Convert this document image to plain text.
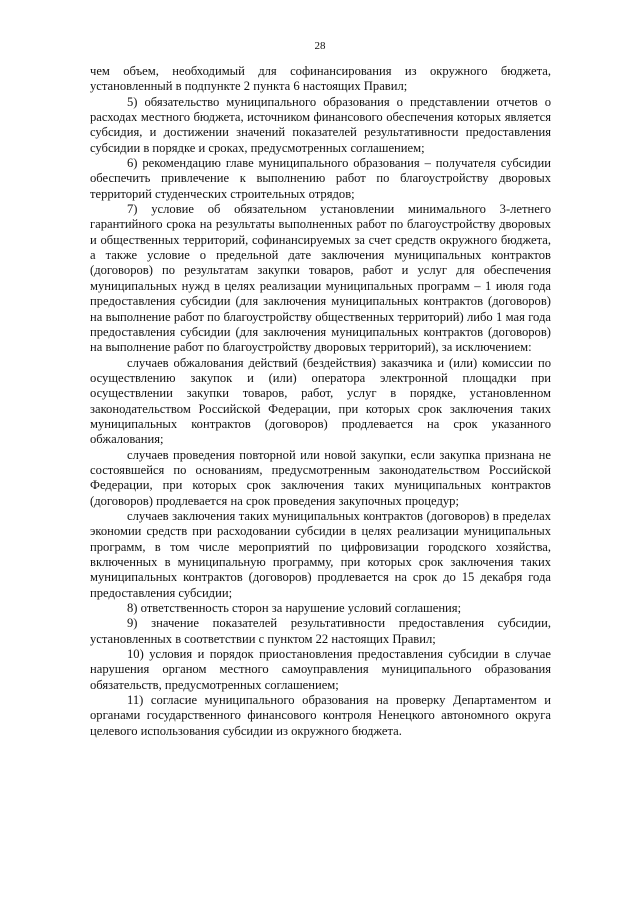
28

чем объем, необходимый для софинансирования из окружного бюджета, установленный в подпункте 2 пункта 6 настоящих Правил;

5) обязательство муниципального образования о представлении отчетов о расходах местного бюджета, источником финансового обеспечения которых является субсидия, и достижении значений показателей результативности предоставления субсидии в порядке и сроках, предусмотренных соглашением;

6) рекомендацию главе муниципального образования – получателя субсидии обеспечить привлечение к выполнению работ по благоустройству дворовых территорий студенческих строительных отрядов;

7) условие об обязательном установлении минимального 3-летнего гарантийного срока на результаты выполненных работ по благоустройству дворовых и общественных территорий, софинансируемых за счет средств окружного бюджета, а также условие о предельной дате заключения муниципальных контрактов (договоров) по результатам закупки товаров, работ и услуг для обеспечения муниципальных нужд в целях реализации муниципальных программ – 1 июля года предоставления субсидии (для заключения муниципальных контрактов (договоров) на выполнение работ по благоустройству общественных территорий) либо 1 мая года предоставления субсидии (для заключения муниципальных контрактов (договоров) на выполнение работ по благоустройству дворовых территорий), за исключением:

случаев обжалования действий (бездействия) заказчика и (или) комиссии по осуществлению закупок и (или) оператора электронной площадки при осуществлении закупки товаров, работ, услуг в порядке, установленном законодательством Российской Федерации, при которых срок заключения таких муниципальных контрактов (договоров) продлевается на срок указанного обжалования;

случаев проведения повторной или новой закупки, если закупка признана не состоявшейся по основаниям, предусмотренным законодательством Российской Федерации, при которых срок заключения таких муниципальных контрактов (договоров) продлевается на срок проведения закупочных процедур;

случаев заключения таких муниципальных контрактов (договоров) в пределах экономии средств при расходовании субсидии в целях реализации муниципальных программ, в том числе мероприятий по цифровизации городского хозяйства, включенных в муниципальную программу, при которых срок заключения таких муниципальных контрактов (договоров) продлевается на срок до 15 декабря года предоставления субсидии;

8) ответственность сторон за нарушение условий соглашения;

9) значение показателей результативности предоставления субсидии, установленных в соответствии с пунктом 22 настоящих Правил;

10) условия и порядок приостановления предоставления субсидии в случае нарушения органом местного самоуправления муниципального образования обязательств, предусмотренных соглашением;

11) согласие муниципального образования на проверку Департаментом и органами государственного финансового контроля Ненецкого автономного округа целевого использования субсидии из окружного бюджета.
